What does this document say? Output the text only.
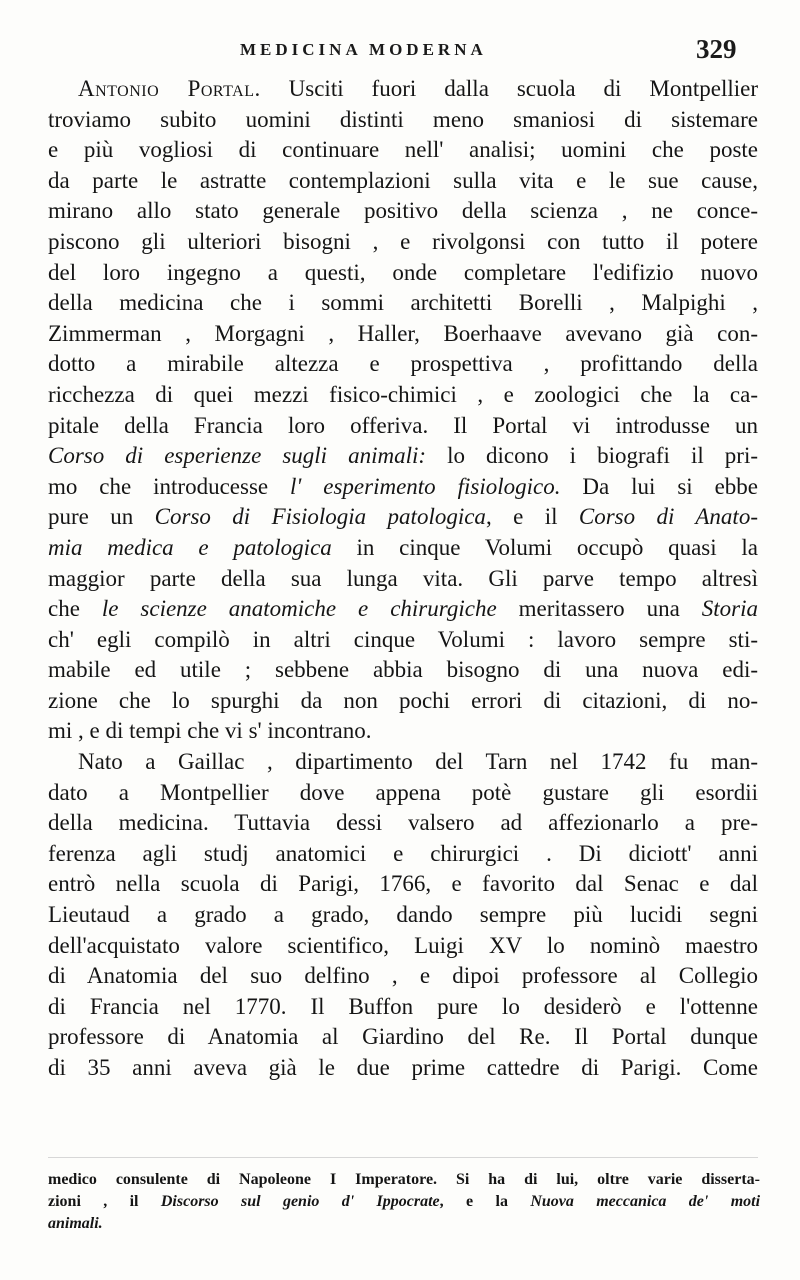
MEDICINA MODERNA	329
Antonio Portal. Usciti fuori dalla scuola di Montpellier
troviamo subito uomini distinti meno smaniosi di sistemare
e più vogliosi di continuare nell' analisi; uomini che poste
da parte le astratte contemplazioni sulla vita e le sue cause,
mirano allo stato generale positivo della scienza , ne conce-
piscono gli ulteriori bisogni , e rivolgonsi con tutto il potere
del loro ingegno a questi, onde completare l'edifizio nuovo
della medicina che i sommi architetti Borelli , Malpighi ,
Zimmerman , Morgagni , Haller, Boerhaave avevano già con-
dotto a mirabile altezza e prospettiva , profittando della
ricchezza di quei mezzi fisico-chimici , e zoologici che la ca-
pitale della Francia loro offeriva. Il Portal vi introdusse un
Corso di esperienze sugli animali: lo dicono i biografi il pri-
mo che introducesse l' esperimento fisiologico. Da lui si ebbe
pure un Corso di Fisiologia patologica, e il Corso di Anato-
mia medica e patologica in cinque Volumi occupò quasi la
maggior parte della sua lunga vita. Gli parve tempo altresì
che le scienze anatomiche e chirurgiche meritassero una Storia
ch' egli compilò in altri cinque Volumi : lavoro sempre sti-
mabile ed utile ; sebbene abbia bisogno di una nuova edi-
zione che lo spurghi da non pochi errori di citazioni, di no-
mi , e di tempi che vi s' incontrano.
Nato a Gaillac , dipartimento del Tarn nel 1742 fu man-
dato a Montpellier dove appena potè gustare gli esordii
della medicina. Tuttavia dessi valsero ad affezionarlo a pre-
ferenza agli studj anatomici e chirurgici . Di diciott' anni
entrò nella scuola di Parigi, 1766, e favorito dal Senac e dal
Lieutaud a grado a grado, dando sempre più lucidi segni
dell'acquistato valore scientifico, Luigi XV lo nominò maestro
di Anatomia del suo delfino , e dipoi professore al Collegio
di Francia nel 1770. Il Buffon pure lo desiderò e l'ottenne
professore di Anatomia al Giardino del Re. Il Portal dunque
di 35 anni aveva già le due prime cattedre di Parigi. Come
medico consulente di Napoleone I Imperatore. Si ha di lui, oltre varie disserta-
zioni , il Discorso sul genio d' Ippocrate, e la Nuova meccanica de' moti
animali.
